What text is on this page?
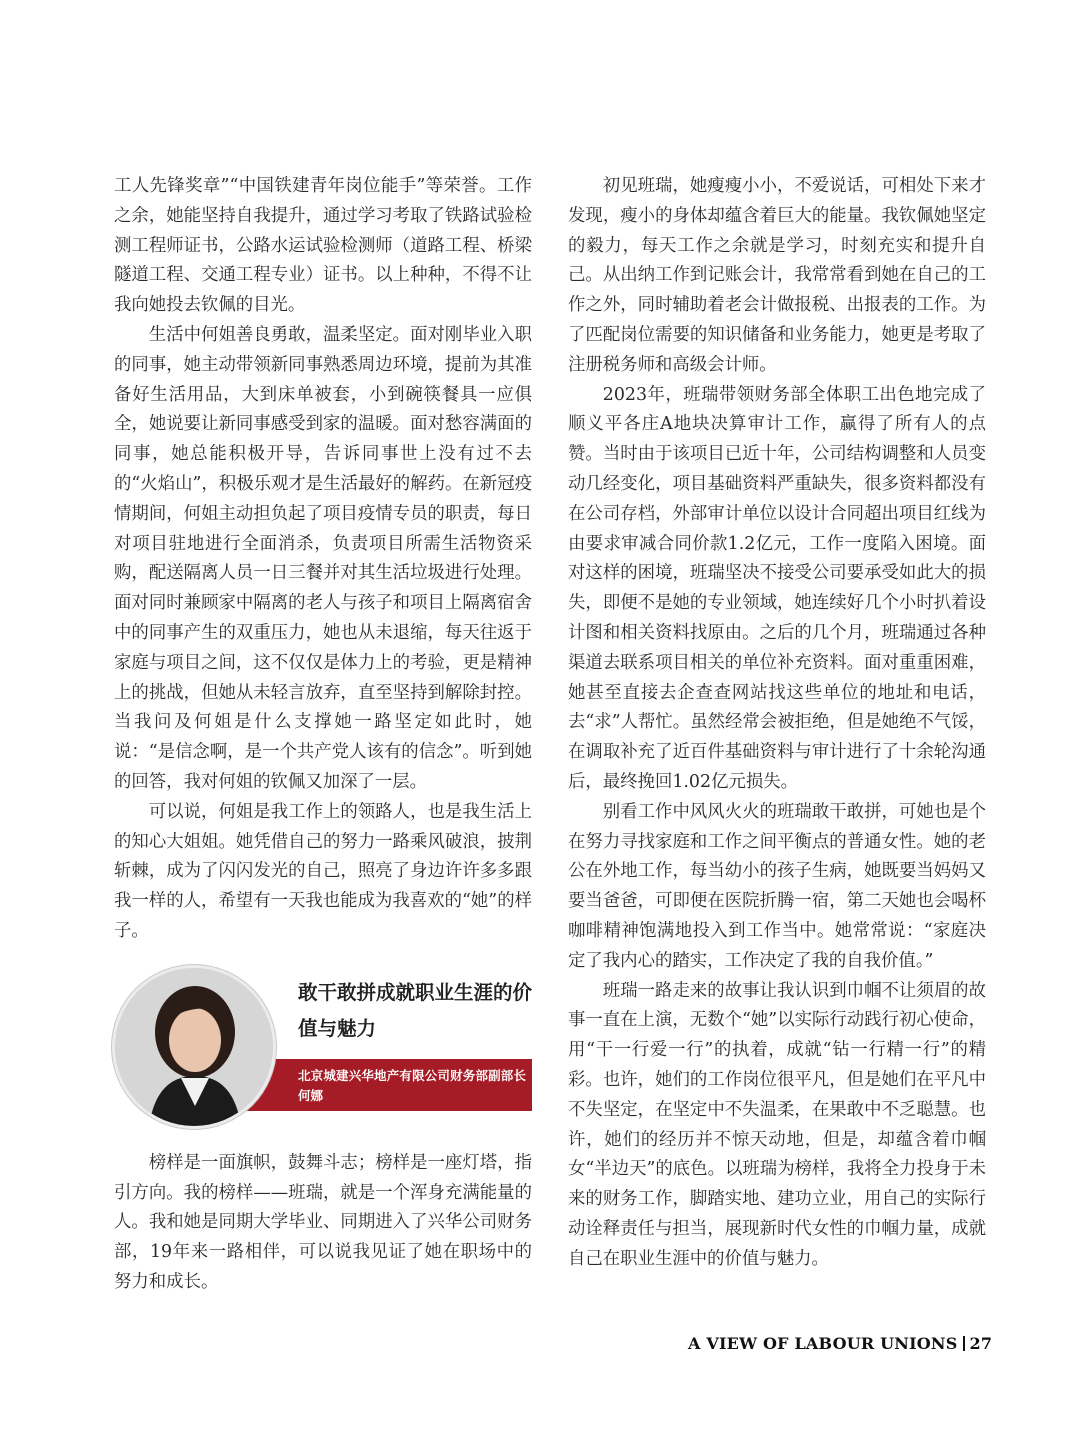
工人先锋奖章”“中国铁建青年岗位能手”等荣誉。工作之余，她能坚持自我提升，通过学习考取了铁路试验检测工程师证书，公路水运试验检测师（道路工程、桥梁隧道工程、交通工程专业）证书。以上种种，不得不让我向她投去钦佩的目光。

生活中何姐善良勇敢，温柔坚定。面对刚毕业入职的同事，她主动带领新同事熟悉周边环境，提前为其准备好生活用品，大到床单被套，小到碗筷餐具一应俱全，她说要让新同事感受到家的温暖。面对愁容满面的同事，她总能积极开导，告诉同事世上没有过不去的“火焰山”，积极乐观才是生活最好的解药。在新冠疫情期间，何姐主动担负起了项目疫情专员的职责，每日对项目驻地进行全面消杀，负责项目所需生活物资采购，配送隔离人员一日三餐并对其生活垃圾进行处理。面对同时兼顾家中隔离的老人与孩子和项目上隔离宿舍中的同事产生的双重压力，她也从未退缩，每天往返于家庭与项目之间，这不仅仅是体力上的考验，更是精神上的挑战，但她从未轻言放弃，直至坚持到解除封控。当我问及何姐是什么支撑她一路坚定如此时，她说：“是信念啊，是一个共产党人该有的信念”。听到她的回答，我对何姐的钦佩又加深了一层。

可以说，何姐是我工作上的领路人，也是我生活上的知心大姐姐。她凭借自己的努力一路乘风破浪，披荆斩棘，成为了闪闪发光的自己，照亮了身边许许多多跟我一样的人，希望有一天我也能成为我喜欢的“她”的样子。

敢干敢拼成就职业生涯的价值与魅力
北京城建兴华地产有限公司财务部副部长 何娜

榜样是一面旗帜，鼓舞斗志；榜样是一座灯塔，指引方向。我的榜样——班瑞，就是一个浑身充满能量的人。我和她是同期大学毕业、同期进入了兴华公司财务部，19年来一路相伴，可以说我见证了她在职场中的努力和成长。

初见班瑞，她瘦瘦小小，不爱说话，可相处下来才发现，瘦小的身体却蕴含着巨大的能量。我钦佩她坚定的毅力，每天工作之余就是学习，时刻充实和提升自己。从出纳工作到记账会计，我常常看到她在自己的工作之外，同时辅助着老会计做报税、出报表的工作。为了匹配岗位需要的知识储备和业务能力，她更是考取了注册税务师和高级会计师。

2023年，班瑞带领财务部全体职工出色地完成了顺义平各庄A地块决算审计工作，赢得了所有人的点赞。当时由于该项目已近十年，公司结构调整和人员变动几经变化，项目基础资料严重缺失，很多资料都没有在公司存档，外部审计单位以设计合同超出项目红线为由要求审减合同价款1.2亿元，工作一度陷入困境。面对这样的困境，班瑞坚决不接受公司要承受如此大的损失，即便不是她的专业领域，她连续好几个小时扒着设计图和相关资料找原由。之后的几个月，班瑞通过各种渠道去联系项目相关的单位补充资料。面对重重困难，她甚至直接去企查查网站找这些单位的地址和电话，去“求”人帮忙。虽然经常会被拒绝，但是她绝不气馁，在调取补充了近百件基础资料与审计进行了十余轮沟通后，最终挽回1.02亿元损失。

别看工作中风风火火的班瑞敢干敢拼，可她也是个在努力寻找家庭和工作之间平衡点的普通女性。她的老公在外地工作，每当幼小的孩子生病，她既要当妈妈又要当爸爸，可即便在医院折腾一宿，第二天她也会喝杯咖啡精神饱满地投入到工作当中。她常常说：“家庭决定了我内心的踏实，工作决定了我的自我价值。”

班瑞一路走来的故事让我认识到巾帼不让须眉的故事一直在上演，无数个“她”以实际行动践行初心使命，用“干一行爱一行”的执着，成就“钻一行精一行”的精彩。也许，她们的工作岗位很平凡，但是她们在平凡中不失坚定，在坚定中不失温柔，在果敢中不乏聪慧。也许，她们的经历并不惊天动地，但是，却蕴含着巾帼女“半边天”的底色。以班瑞为榜样，我将全力投身于未来的财务工作，脚踏实地、建功立业，用自己的实际行动诠释责任与担当，展现新时代女性的巾帼力量，成就自己在职业生涯中的价值与魅力。

A VIEW OF LABOUR UNIONS 27
